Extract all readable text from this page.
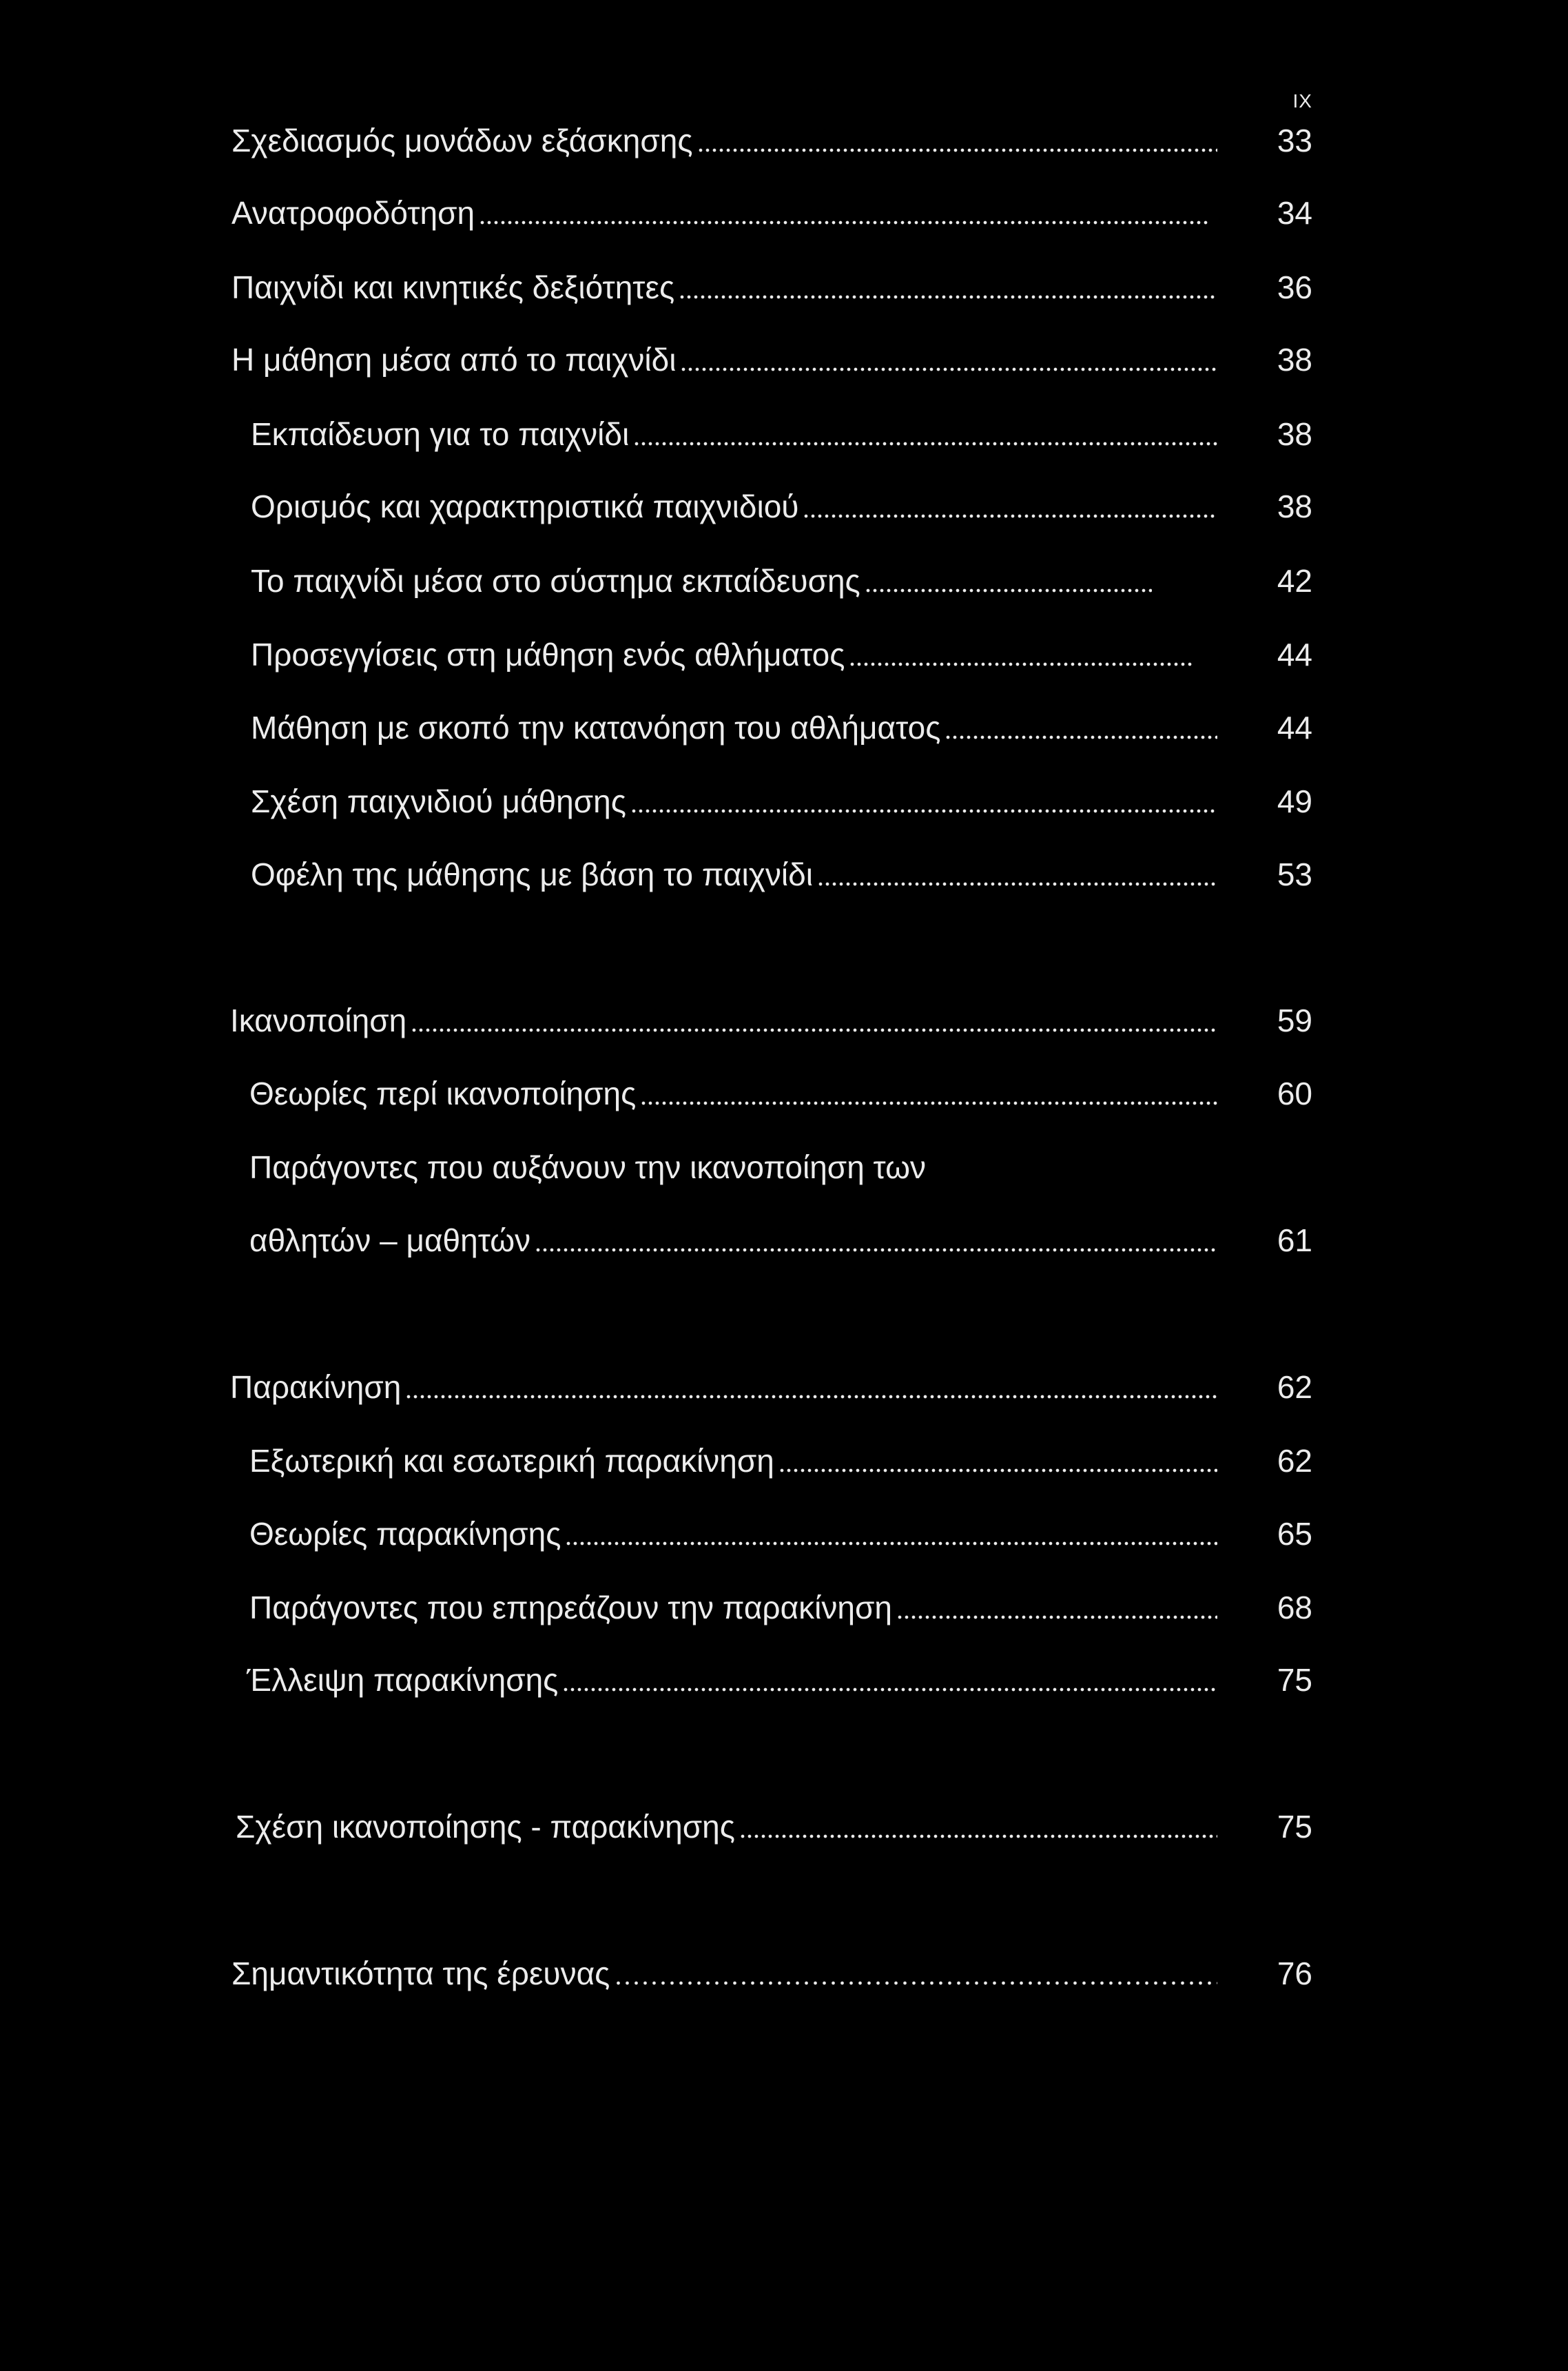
IX
Σχεδιασμός μονάδων εξάσκησης	33
Ανατροφοδότηση	34
Παιχνίδι και κινητικές δεξιότητες	36
Η μάθηση μέσα από το παιχνίδι	38
Εκπαίδευση για το παιχνίδι	38
Ορισμός και χαρακτηριστικά παιχνιδιού	38
Το παιχνίδι μέσα στο σύστημα εκπαίδευσης	42
Προσεγγίσεις στη μάθηση ενός αθλήματος	44
Μάθηση με σκοπό την κατανόηση του αθλήματος	44
Σχέση παιχνιδιού μάθησης	49
Οφέλη της μάθησης με βάση το παιχνίδι	53
Ικανοποίηση	59
Θεωρίες περί ικανοποίησης	60
Παράγοντες που αυξάνουν την ικανοποίηση των
αθλητών – μαθητών	61
Παρακίνηση	62
Εξωτερική και εσωτερική παρακίνηση	62
Θεωρίες παρακίνησης	65
Παράγοντες που επηρεάζουν την παρακίνηση	68
Έλλειψη παρακίνησης	75
Σχέση ικανοποίησης - παρακίνησης	75
Σημαντικότητα της έρευνας	76
